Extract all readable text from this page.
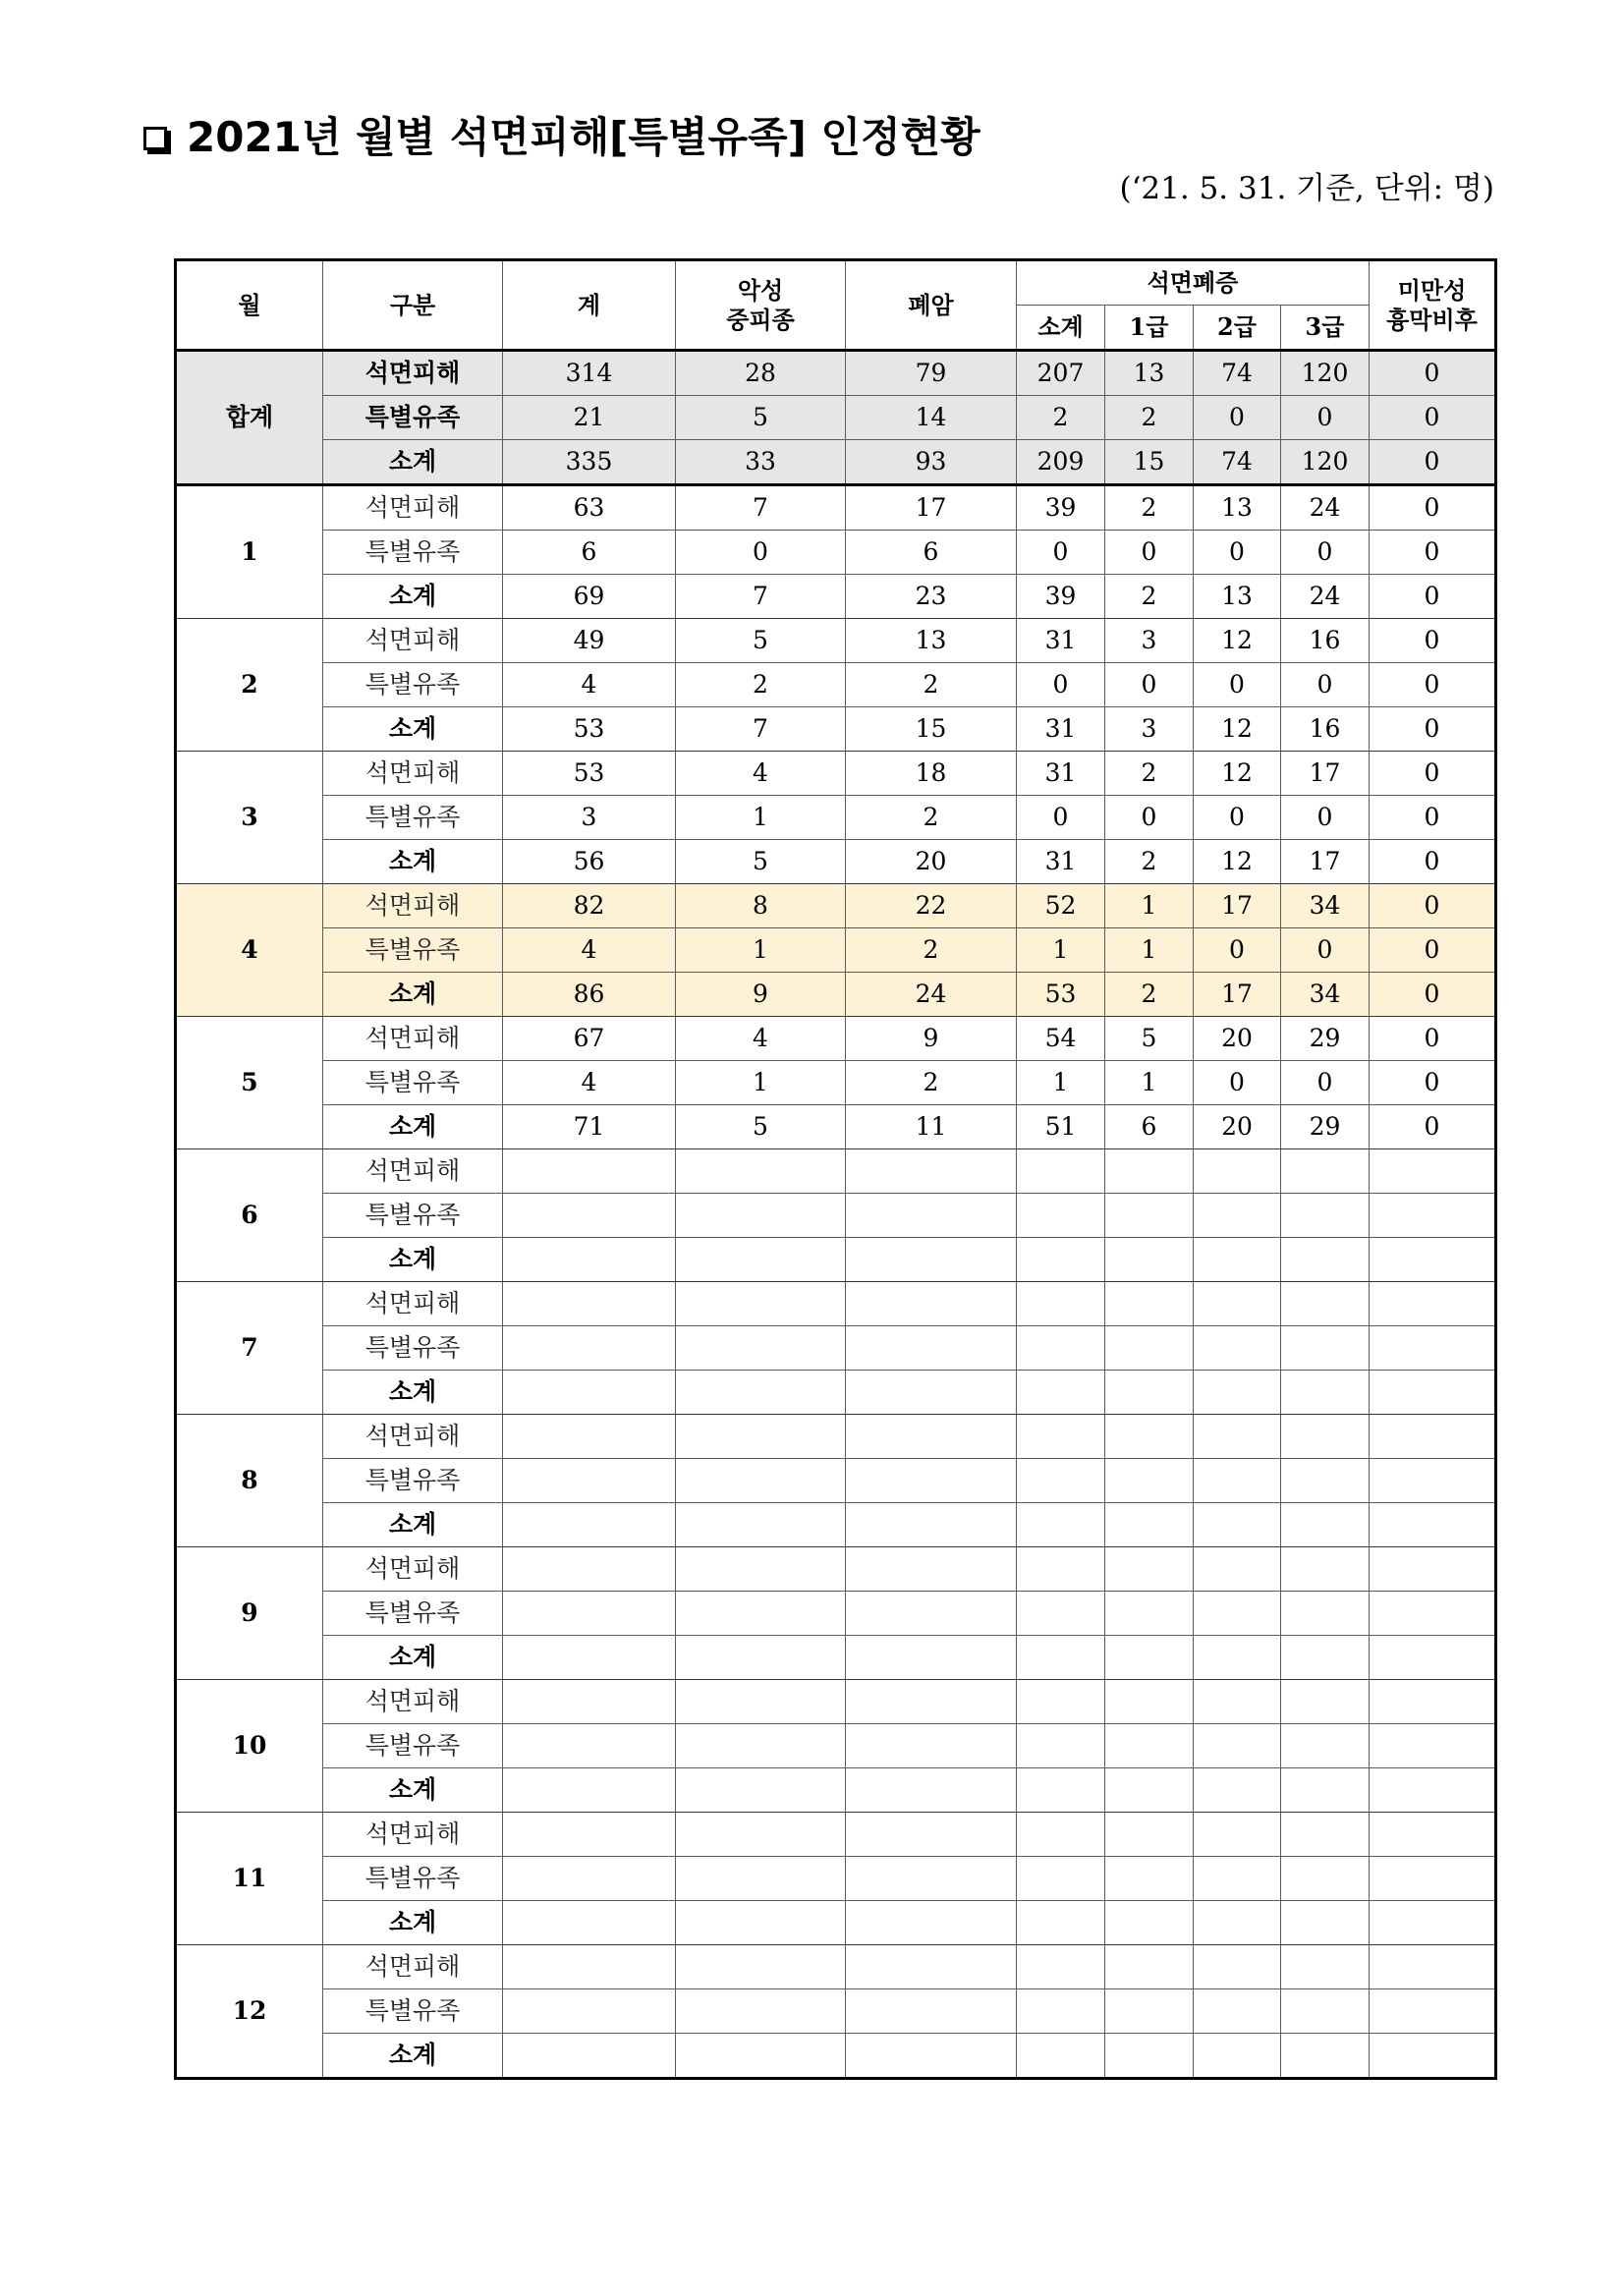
2021년 월별 석면피해[특별유족] 인정현황
(‘21. 5. 31. 기준, 단위: 명)
월	구분	계	악성
중피종	폐암	석면폐증				미만성
흉막비후

					소계	1급	2급	3급	
합계	석면피해	314	28	79	207	13	74	120	0
	특별유족	21	5	14	2	2	0	0	0
	소계	335	33	93	209	15	74	120	0
1	석면피해	63	7	17	39	2	13	24	0
	특별유족	6	0	6	0	0	0	0	0
	소계	69	7	23	39	2	13	24	0
2	석면피해	49	5	13	31	3	12	16	0
	특별유족	4	2	2	0	0	0	0	0
	소계	53	7	15	31	3	12	16	0
3	석면피해	53	4	18	31	2	12	17	0
	특별유족	3	1	2	0	0	0	0	0
	소계	56	5	20	31	2	12	17	0
4	석면피해	82	8	22	52	1	17	34	0
	특별유족	4	1	2	1	1	0	0	0
	소계	86	9	24	53	2	17	34	0
5	석면피해	67	4	9	54	5	20	29	0
	특별유족	4	1	2	1	1	0	0	0
	소계	71	5	11	51	6	20	29	0
6	석면피해								
	특별유족								
	소계								
7	석면피해								
	특별유족								
	소계								
8	석면피해								
	특별유족								
	소계								
9	석면피해								
	특별유족								
	소계								
10	석면피해								
	특별유족								
	소계								
11	석면피해								
	특별유족								
	소계								
12	석면피해								
	특별유족								
	소계								
